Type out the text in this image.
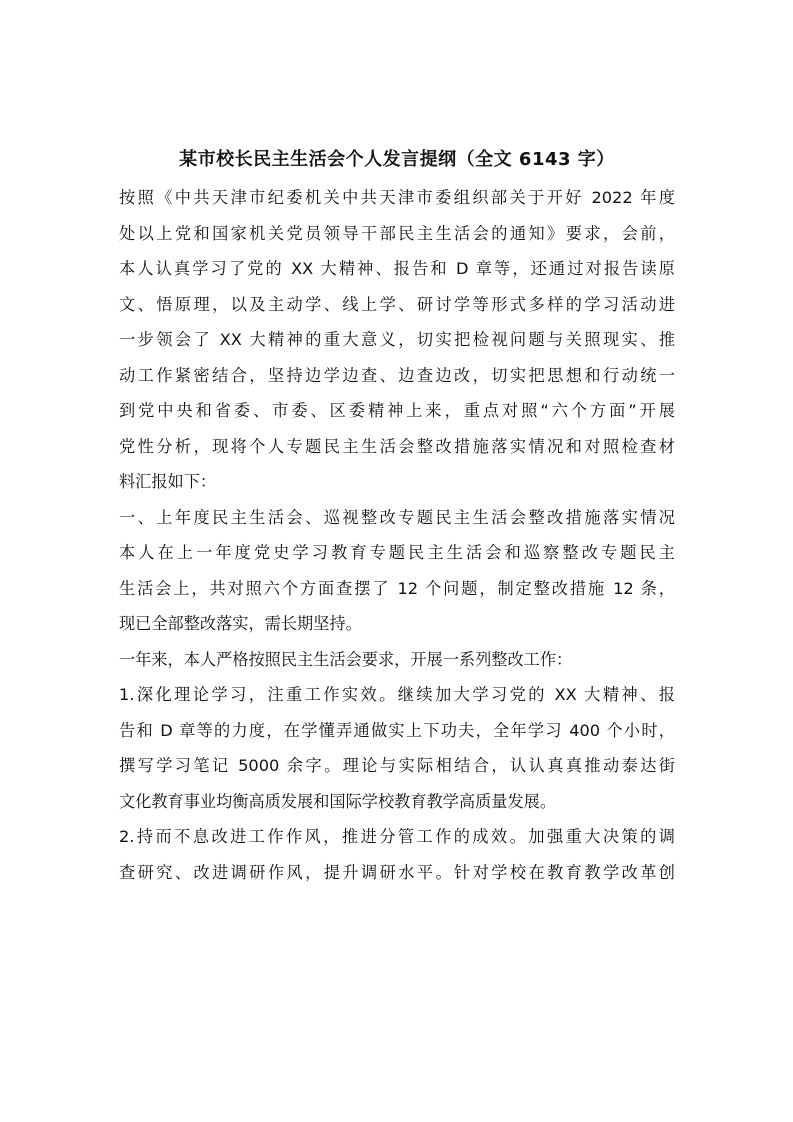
某市校长民主生活会个人发言提纲（全文 6143 字）

按照《中共天津市纪委机关中共天津市委组织部关于开好 2022 年度
处以上党和国家机关党员领导干部民主生活会的通知》要求，会前，
本人认真学习了党的 XX 大精神、报告和 D 章等，还通过对报告读原
文、悟原理，以及主动学、线上学、研讨学等形式多样的学习活动进
一步领会了 XX 大精神的重大意义，切实把检视问题与关照现实、推
动工作紧密结合，坚持边学边查、边查边改，切实把思想和行动统一
到党中央和省委、市委、区委精神上来，重点对照“六个方面”开展
党性分析，现将个人专题民主生活会整改措施落实情况和对照检查材
料汇报如下：

一、上年度民主生活会、巡视整改专题民主生活会整改措施落实情况

本人在上一年度党史学习教育专题民主生活会和巡察整改专题民主
生活会上，共对照六个方面查摆了 12 个问题，制定整改措施 12 条，
现已全部整改落实，需长期坚持。

一年来，本人严格按照民主生活会要求，开展一系列整改工作：

1.深化理论学习，注重工作实效。继续加大学习党的 XX 大精神、报
告和 D 章等的力度，在学懂弄通做实上下功夫，全年学习 400 个小时，
撰写学习笔记 5000 余字。理论与实际相结合，认认真真推动泰达街
文化教育事业均衡高质发展和国际学校教育教学高质量发展。

2.持而不息改进工作作风，推进分管工作的成效。加强重大决策的调
查研究、改进调研作风，提升调研水平。针对学校在教育教学改革创
